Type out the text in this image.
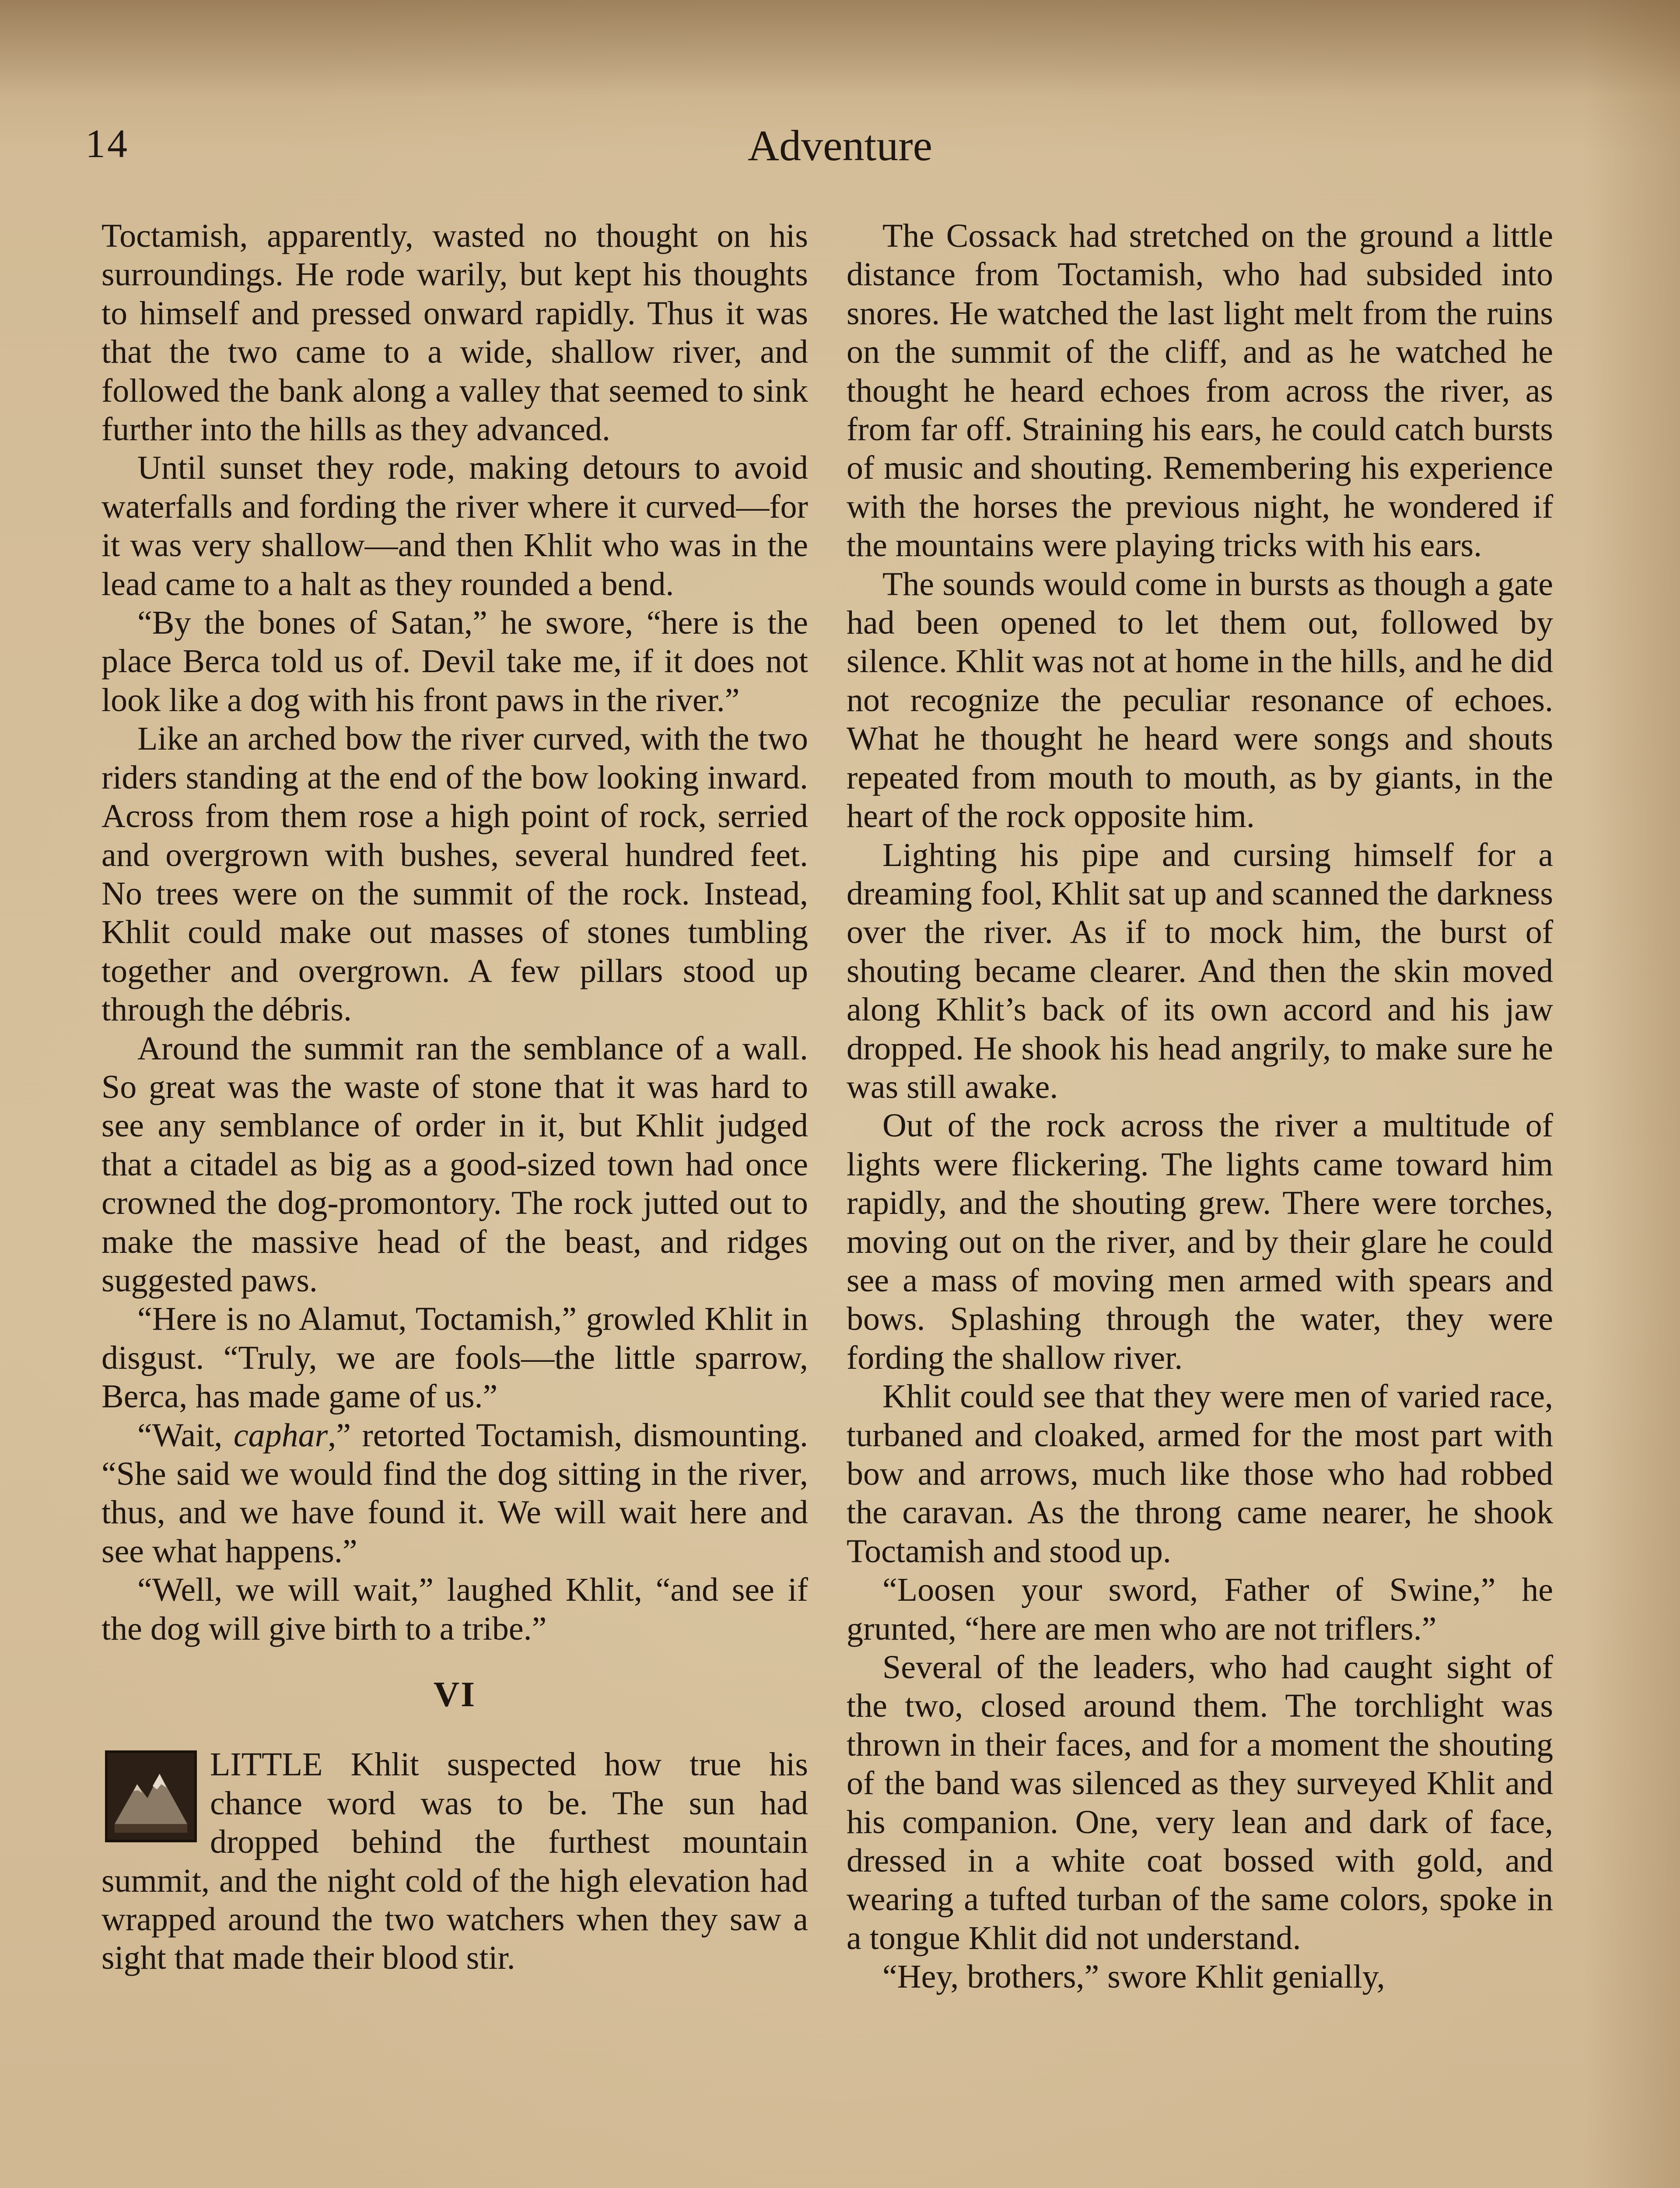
14	Adventure

Toctamish, apparently, wasted no thought on his surroundings. He rode warily, but kept his thoughts to himself and pressed onward rapidly. Thus it was that the two came to a wide, shallow river, and followed the bank along a valley that seemed to sink further into the hills as they advanced.

Until sunset they rode, making detours to avoid waterfalls and fording the river where it curved—for it was very shallow—and then Khlit who was in the lead came to a halt as they rounded a bend.

“By the bones of Satan,” he swore, “here is the place Berca told us of. Devil take me, if it does not look like a dog with his front paws in the river.”

Like an arched bow the river curved, with the two riders standing at the end of the bow looking inward. Across from them rose a high point of rock, serried and overgrown with bushes, several hundred feet. No trees were on the summit of the rock. Instead, Khlit could make out masses of stones tumbling together and overgrown. A few pillars stood up through the débris.

Around the summit ran the semblance of a wall. So great was the waste of stone that it was hard to see any semblance of order in it, but Khlit judged that a citadel as big as a good-sized town had once crowned the dog-promontory. The rock jutted out to make the massive head of the beast, and ridges suggested paws.

“Here is no Alamut, Toctamish,” growled Khlit in disgust. “Truly, we are fools—the little sparrow, Berca, has made game of us.”

“Wait, caphar,” retorted Toctamish, dismounting. “She said we would find the dog sitting in the river, thus, and we have found it. We will wait here and see what happens.”

“Well, we will wait,” laughed Khlit, “and see if the dog will give birth to a tribe.”

VI

LITTLE Khlit suspected how true his chance word was to be. The sun had dropped behind the furthest mountain summit, and the night cold of the high elevation had wrapped around the two watchers when they saw a sight that made their blood stir.

The Cossack had stretched on the ground a little distance from Toctamish, who had subsided into snores. He watched the last light melt from the ruins on the summit of the cliff, and as he watched he thought he heard echoes from across the river, as from far off. Straining his ears, he could catch bursts of music and shouting. Remembering his experience with the horses the previous night, he wondered if the mountains were playing tricks with his ears.

The sounds would come in bursts as though a gate had been opened to let them out, followed by silence. Khlit was not at home in the hills, and he did not recognize the peculiar resonance of echoes. What he thought he heard were songs and shouts repeated from mouth to mouth, as by giants, in the heart of the rock opposite him.

Lighting his pipe and cursing himself for a dreaming fool, Khlit sat up and scanned the darkness over the river. As if to mock him, the burst of shouting became clearer. And then the skin moved along Khlit’s back of its own accord and his jaw dropped. He shook his head angrily, to make sure he was still awake.

Out of the rock across the river a multitude of lights were flickering. The lights came toward him rapidly, and the shouting grew. There were torches, moving out on the river, and by their glare he could see a mass of moving men armed with spears and bows. Splashing through the water, they were fording the shallow river.

Khlit could see that they were men of varied race, turbaned and cloaked, armed for the most part with bow and arrows, much like those who had robbed the caravan. As the throng came nearer, he shook Toctamish and stood up.

“Loosen your sword, Father of Swine,” he grunted, “here are men who are not triflers.”

Several of the leaders, who had caught sight of the two, closed around them. The torchlight was thrown in their faces, and for a moment the shouting of the band was silenced as they surveyed Khlit and his companion. One, very lean and dark of face, dressed in a white coat bossed with gold, and wearing a tufted turban of the same colors, spoke in a tongue Khlit did not understand.

“Hey, brothers,” swore Khlit genially,
